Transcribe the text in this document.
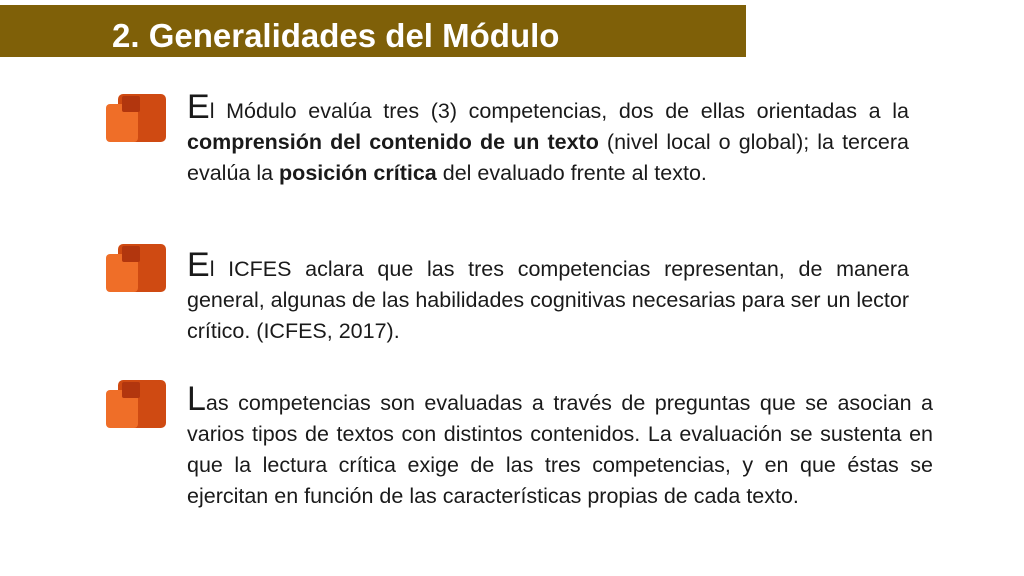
2. Generalidades del Módulo
El Módulo evalúa tres (3) competencias, dos de ellas orientadas a la comprensión del contenido de un texto (nivel local o global); la tercera evalúa la posición crítica del evaluado frente al texto.
El ICFES aclara que las tres competencias representan, de manera general, algunas de las habilidades cognitivas necesarias para ser un lector crítico. (ICFES, 2017).
Las competencias son evaluadas a través de preguntas que se asocian a varios tipos de textos con distintos contenidos. La evaluación se sustenta en que la lectura crítica exige de las tres competencias, y en que éstas se ejercitan en función de las características propias de cada texto.
